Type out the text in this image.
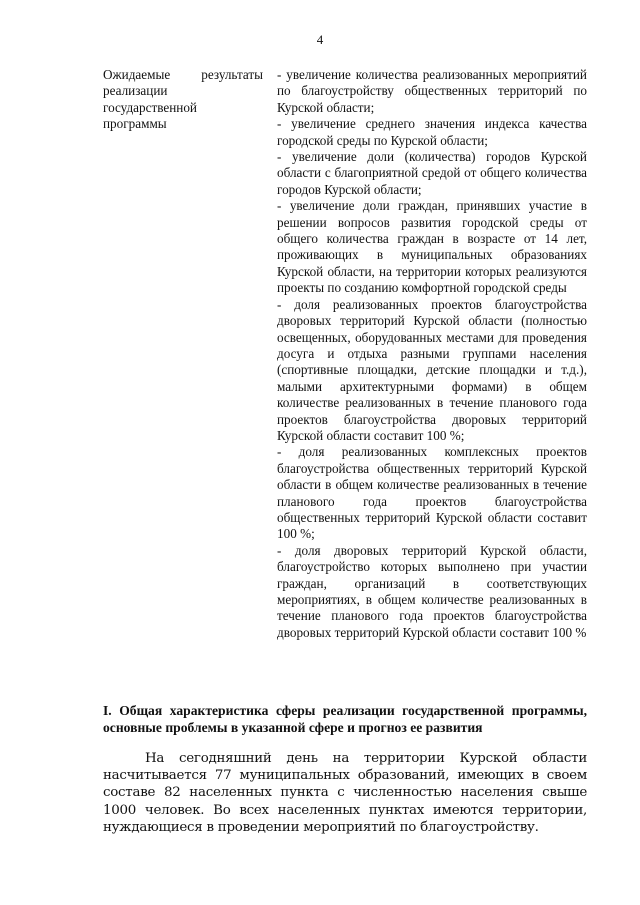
4
Ожидаемые результаты реализации государственной программы

- увеличение количества реализованных мероприятий по благоустройству общественных территорий по Курской области;

- увеличение среднего значения индекса качества городской среды по Курской области;

- увеличение доли (количества) городов Курской области с благоприятной средой от общего количества городов Курской области;

- увеличение доли граждан, принявших участие в решении вопросов развития городской среды от общего количества граждан в возрасте от 14 лет, проживающих в муниципальных образованиях Курской области, на территории которых реализуются проекты по созданию комфортной городской среды

- доля реализованных проектов благоустройства дворовых территорий Курской области (полностью освещенных, оборудованных местами для проведения досуга и отдыха разными группами населения (спортивные площадки, детские площадки и т.д.), малыми архитектурными формами) в общем количестве реализованных в течение планового года проектов благоустройства дворовых территорий Курской области составит 100 %;

- доля реализованных комплексных проектов благоустройства общественных территорий Курской области в общем количестве реализованных в течение планового года проектов благоустройства общественных территорий Курской области составит 100 %;

- доля дворовых территорий Курской области, благоустройство которых выполнено при участии граждан, организаций в соответствующих мероприятиях, в общем количестве реализованных в течение планового года проектов благоустройства дворовых территорий Курской области составит 100 %

I. Общая характеристика сферы реализации государственной программы, основные проблемы в указанной сфере и прогноз ее развития
На сегодняшний день на территории Курской области насчитывается 77 муниципальных образований, имеющих в своем составе 82 населенных пункта с численностью населения свыше 1000 человек. Во всех населенных пунктах имеются территории, нуждающиеся в проведении мероприятий по благоустройству.
